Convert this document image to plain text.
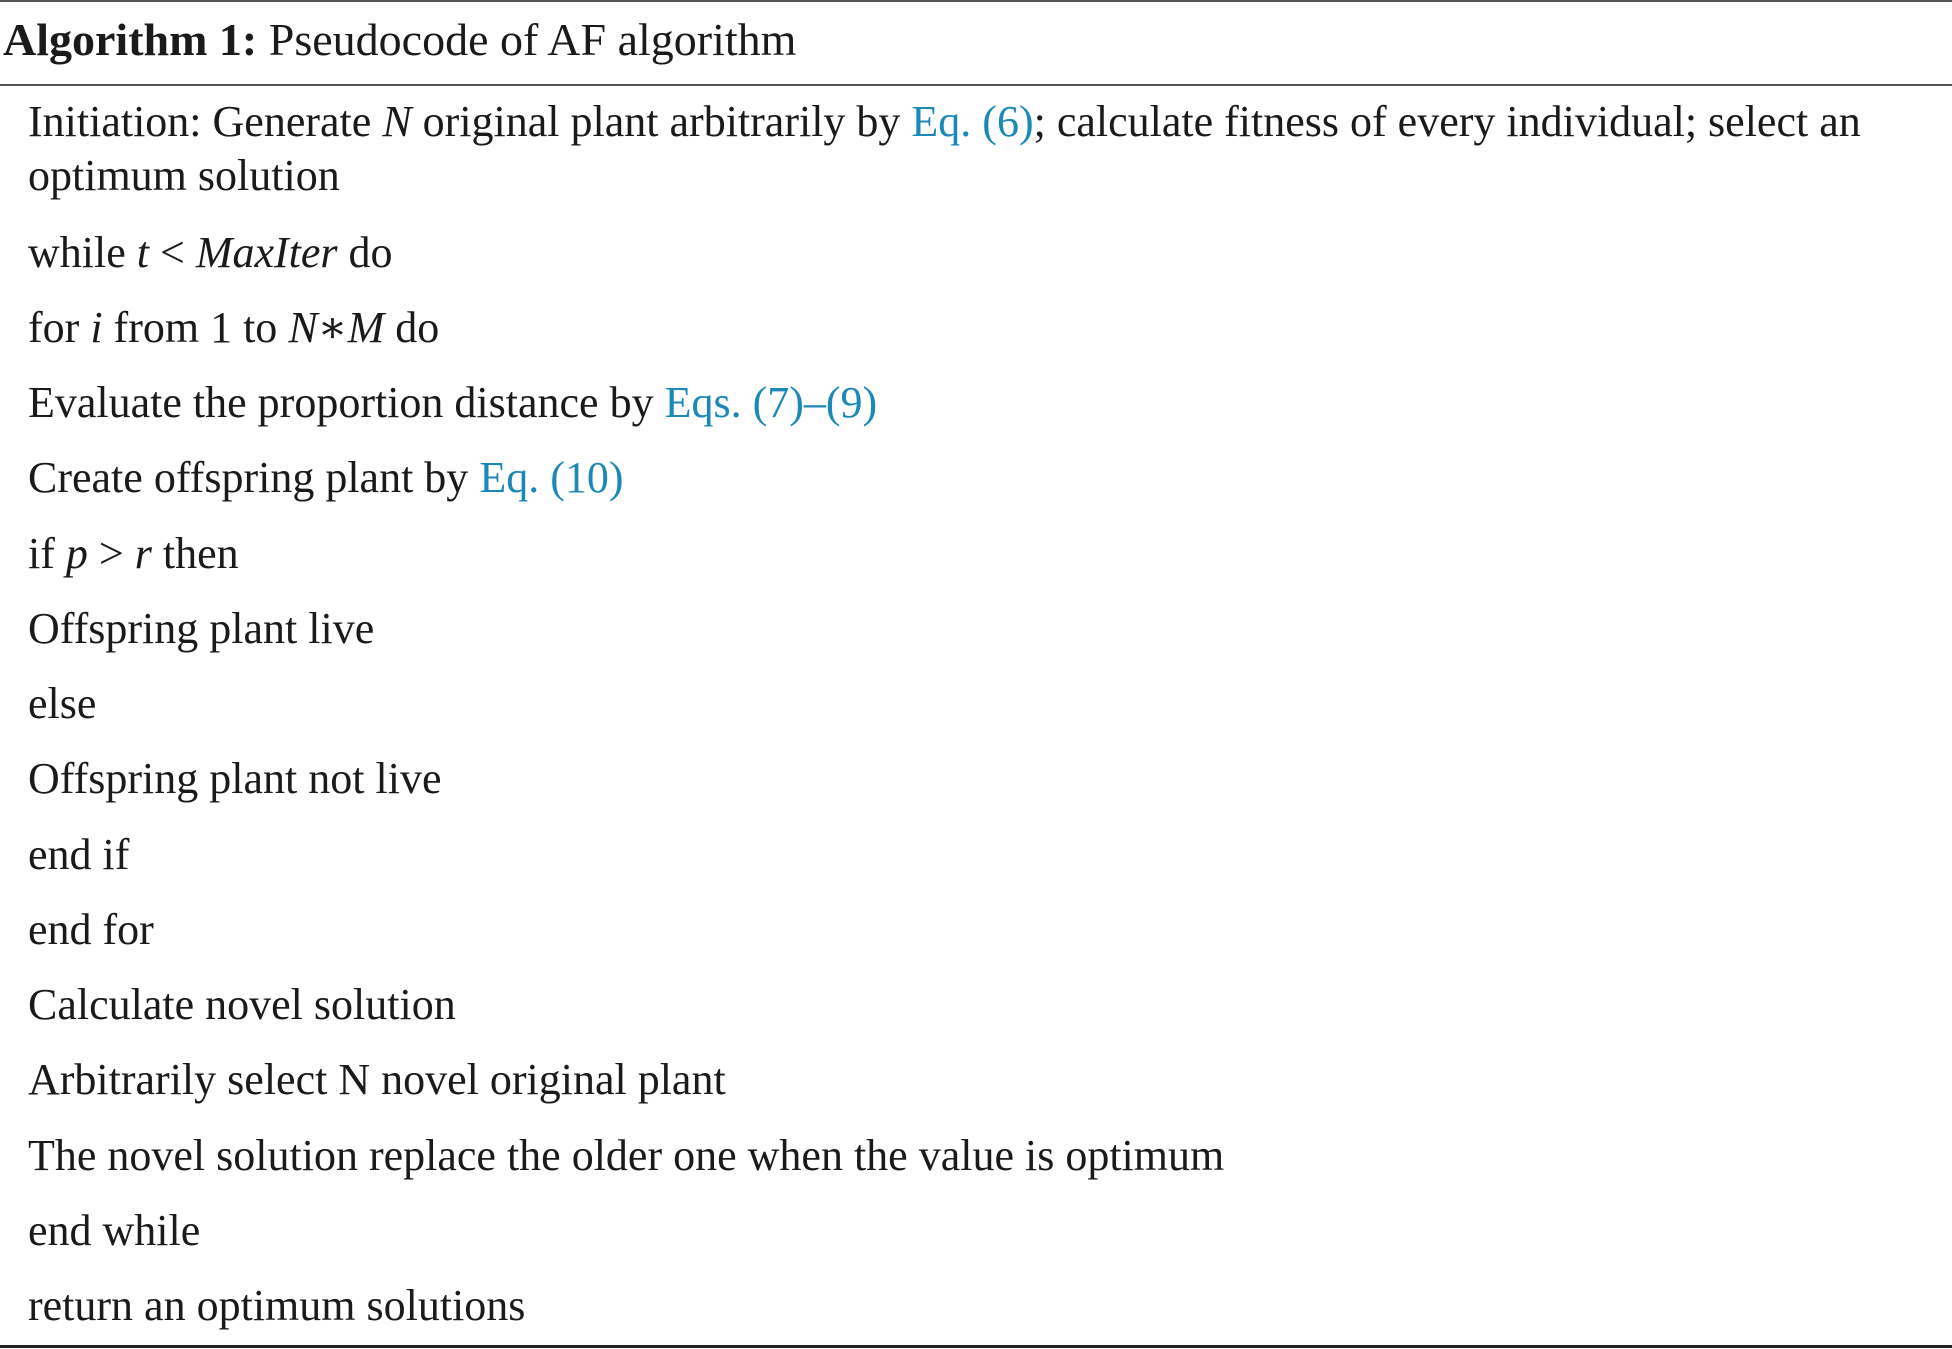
Algorithm 1: Pseudocode of AF algorithm
Initiation: Generate N original plant arbitrarily by Eq. (6); calculate fitness of every individual; select an optimum solution
while t < MaxIter do
for i from 1 to N∗M do
Evaluate the proportion distance by Eqs. (7)–(9)
Create offspring plant by Eq. (10)
if p > r then
Offspring plant live
else
Offspring plant not live
end if
end for
Calculate novel solution
Arbitrarily select N novel original plant
The novel solution replace the older one when the value is optimum
end while
return an optimum solutions
